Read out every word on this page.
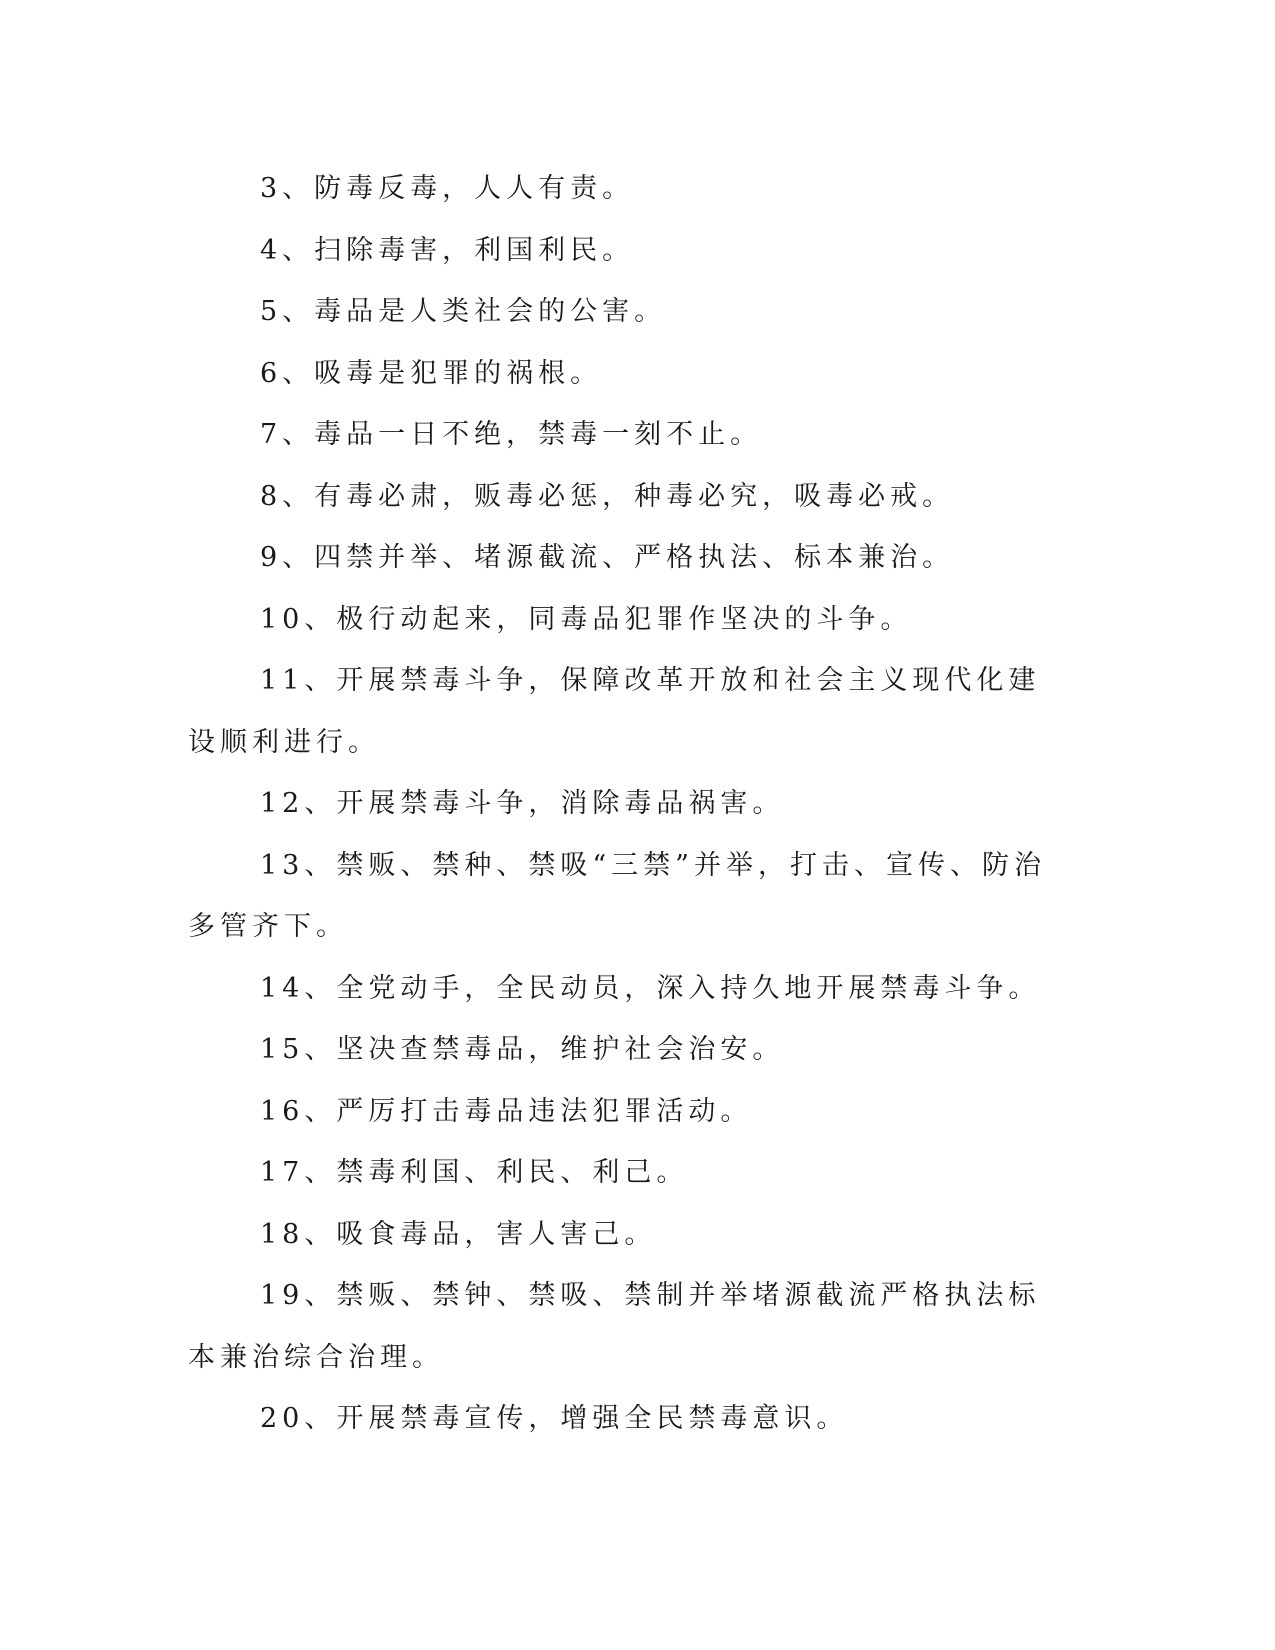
3、防毒反毒，人人有责。

4、扫除毒害，利国利民。

5、毒品是人类社会的公害。

6、吸毒是犯罪的祸根。

7、毒品一日不绝，禁毒一刻不止。

8、有毒必肃，贩毒必惩，种毒必究，吸毒必戒。

9、四禁并举、堵源截流、严格执法、标本兼治。

10、极行动起来，同毒品犯罪作坚决的斗争。

11、开展禁毒斗争，保障改革开放和社会主义现代化建设顺利进行。

12、开展禁毒斗争，消除毒品祸害。

13、禁贩、禁种、禁吸“三禁”并举，打击、宣传、防治多管齐下。

14、全党动手，全民动员，深入持久地开展禁毒斗争。

15、坚决查禁毒品，维护社会治安。

16、严厉打击毒品违法犯罪活动。

17、禁毒利国、利民、利己。

18、吸食毒品，害人害己。

19、禁贩、禁钟、禁吸、禁制并举堵源截流严格执法标本兼治综合治理。

20、开展禁毒宣传，增强全民禁毒意识。
